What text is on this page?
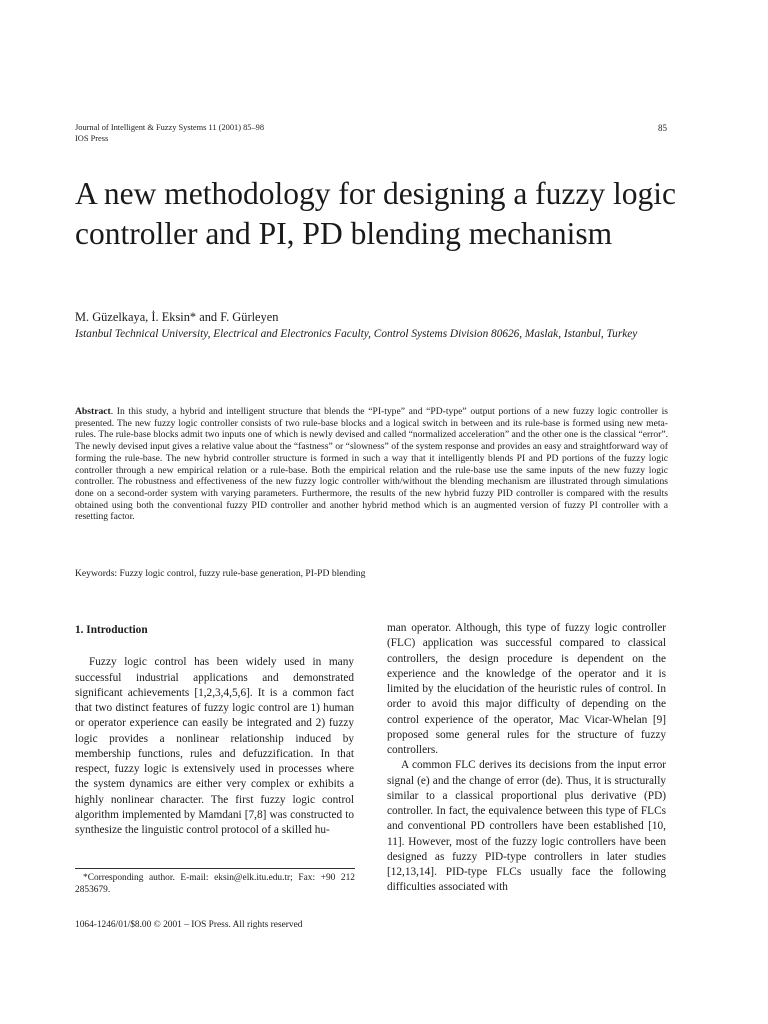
Journal of Intelligent & Fuzzy Systems 11 (2001) 85–98
IOS Press
85
A new methodology for designing a fuzzy logic controller and PI, PD blending mechanism
M. Güzelkaya, İ. Eksin* and F. Gürleyen
Istanbul Technical University, Electrical and Electronics Faculty, Control Systems Division 80626, Maslak, Istanbul, Turkey

Abstract. In this study, a hybrid and intelligent structure that blends the “PI-type” and “PD-type” output portions of a new fuzzy logic controller is presented. The new fuzzy logic controller consists of two rule-base blocks and a logical switch in between and its rule-base is formed using new meta-rules. The rule-base blocks admit two inputs one of which is newly devised and called “normalized acceleration” and the other one is the classical “error”. The newly devised input gives a relative value about the “fastness” or “slowness” of the system response and provides an easy and straightforward way of forming the rule-base. The new hybrid controller structure is formed in such a way that it intelligently blends PI and PD portions of the fuzzy logic controller through a new empirical relation or a rule-base. Both the empirical relation and the rule-base use the same inputs of the new fuzzy logic controller. The robustness and effectiveness of the new fuzzy logic controller with/without the blending mechanism are illustrated through simulations done on a second-order system with varying parameters. Furthermore, the results of the new hybrid fuzzy PID controller is compared with the results obtained using both the conventional fuzzy PID controller and another hybrid method which is an augmented version of fuzzy PI controller with a resetting factor.

Keywords: Fuzzy logic control, fuzzy rule-base generation, PI-PD blending
1. Introduction

Fuzzy logic control has been widely used in many successful industrial applications and demonstrated significant achievements [1,2,3,4,5,6]. It is a common fact that two distinct features of fuzzy logic control are 1) human or operator experience can easily be integrated and 2) fuzzy logic provides a nonlinear relationship induced by membership functions, rules and defuzzification. In that respect, fuzzy logic is extensively used in processes where the system dynamics are either very complex or exhibits a highly nonlinear character. The first fuzzy logic control algorithm implemented by Mamdani [7,8] was constructed to synthesize the linguistic control protocol of a skilled hu-

man operator. Although, this type of fuzzy logic controller (FLC) application was successful compared to classical controllers, the design procedure is dependent on the experience and the knowledge of the operator and it is limited by the elucidation of the heuristic rules of control. In order to avoid this major difficulty of depending on the control experience of the operator, Mac Vicar-Whelan [9] proposed some general rules for the structure of fuzzy controllers.

A common FLC derives its decisions from the input error signal (e) and the change of error (de). Thus, it is structurally similar to a classical proportional plus derivative (PD) controller. In fact, the equivalence between this type of FLCs and conventional PD controllers have been established [10, 11]. However, most of the fuzzy logic controllers have been designed as fuzzy PID-type controllers in later studies [12,13,14]. PID-type FLCs usually face the following difficulties associated with

*Corresponding author. E-mail: eksin@elk.itu.edu.tr; Fax: +90 212 2853679.
1064-1246/01/$8.00 © 2001 – IOS Press. All rights reserved
